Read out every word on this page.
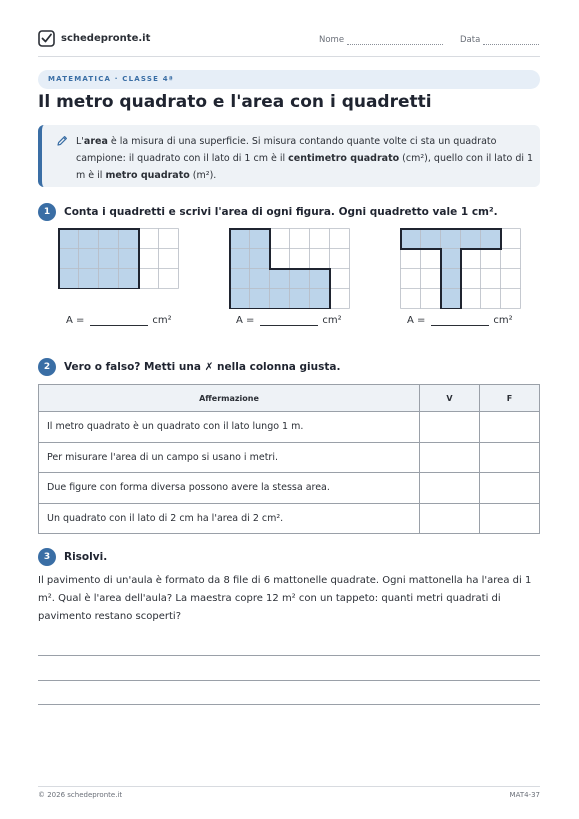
schedepronte.it	Nome	Data
MATEMATICA · CLASSE 4ª
Il metro quadrato e l'area con i quadretti

L'area è la misura di una superficie. Si misura contando quante volte ci sta un quadrato campione: il quadrato con il lato di 1 cm è il centimetro quadrato (cm²), quello con il lato di 1 m è il metro quadrato (m²).

1	Conta i quadretti e scrivi l'area di ogni figura. Ogni quadretto vale 1 cm².
A =	cm²	A =	cm²	A =	cm²
2	Vero o falso? Metti una ✗ nella colonna giusta.
Affermazione	V	F
Il metro quadrato è un quadrato con il lato lungo 1 m.		
Per misurare l'area di un campo si usano i metri.		
Due figure con forma diversa possono avere la stessa area.		
Un quadrato con il lato di 2 cm ha l'area di 2 cm².		
3	Risolvi.
Il pavimento di un'aula è formato da 8 file di 6 mattonelle quadrate. Ogni mattonella ha l'area di 1 m². Qual è l'area dell'aula? La maestra copre 12 m² con un tappeto: quanti metri quadrati di pavimento restano scoperti?
© 2026 schedepronte.it	MAT4-37
